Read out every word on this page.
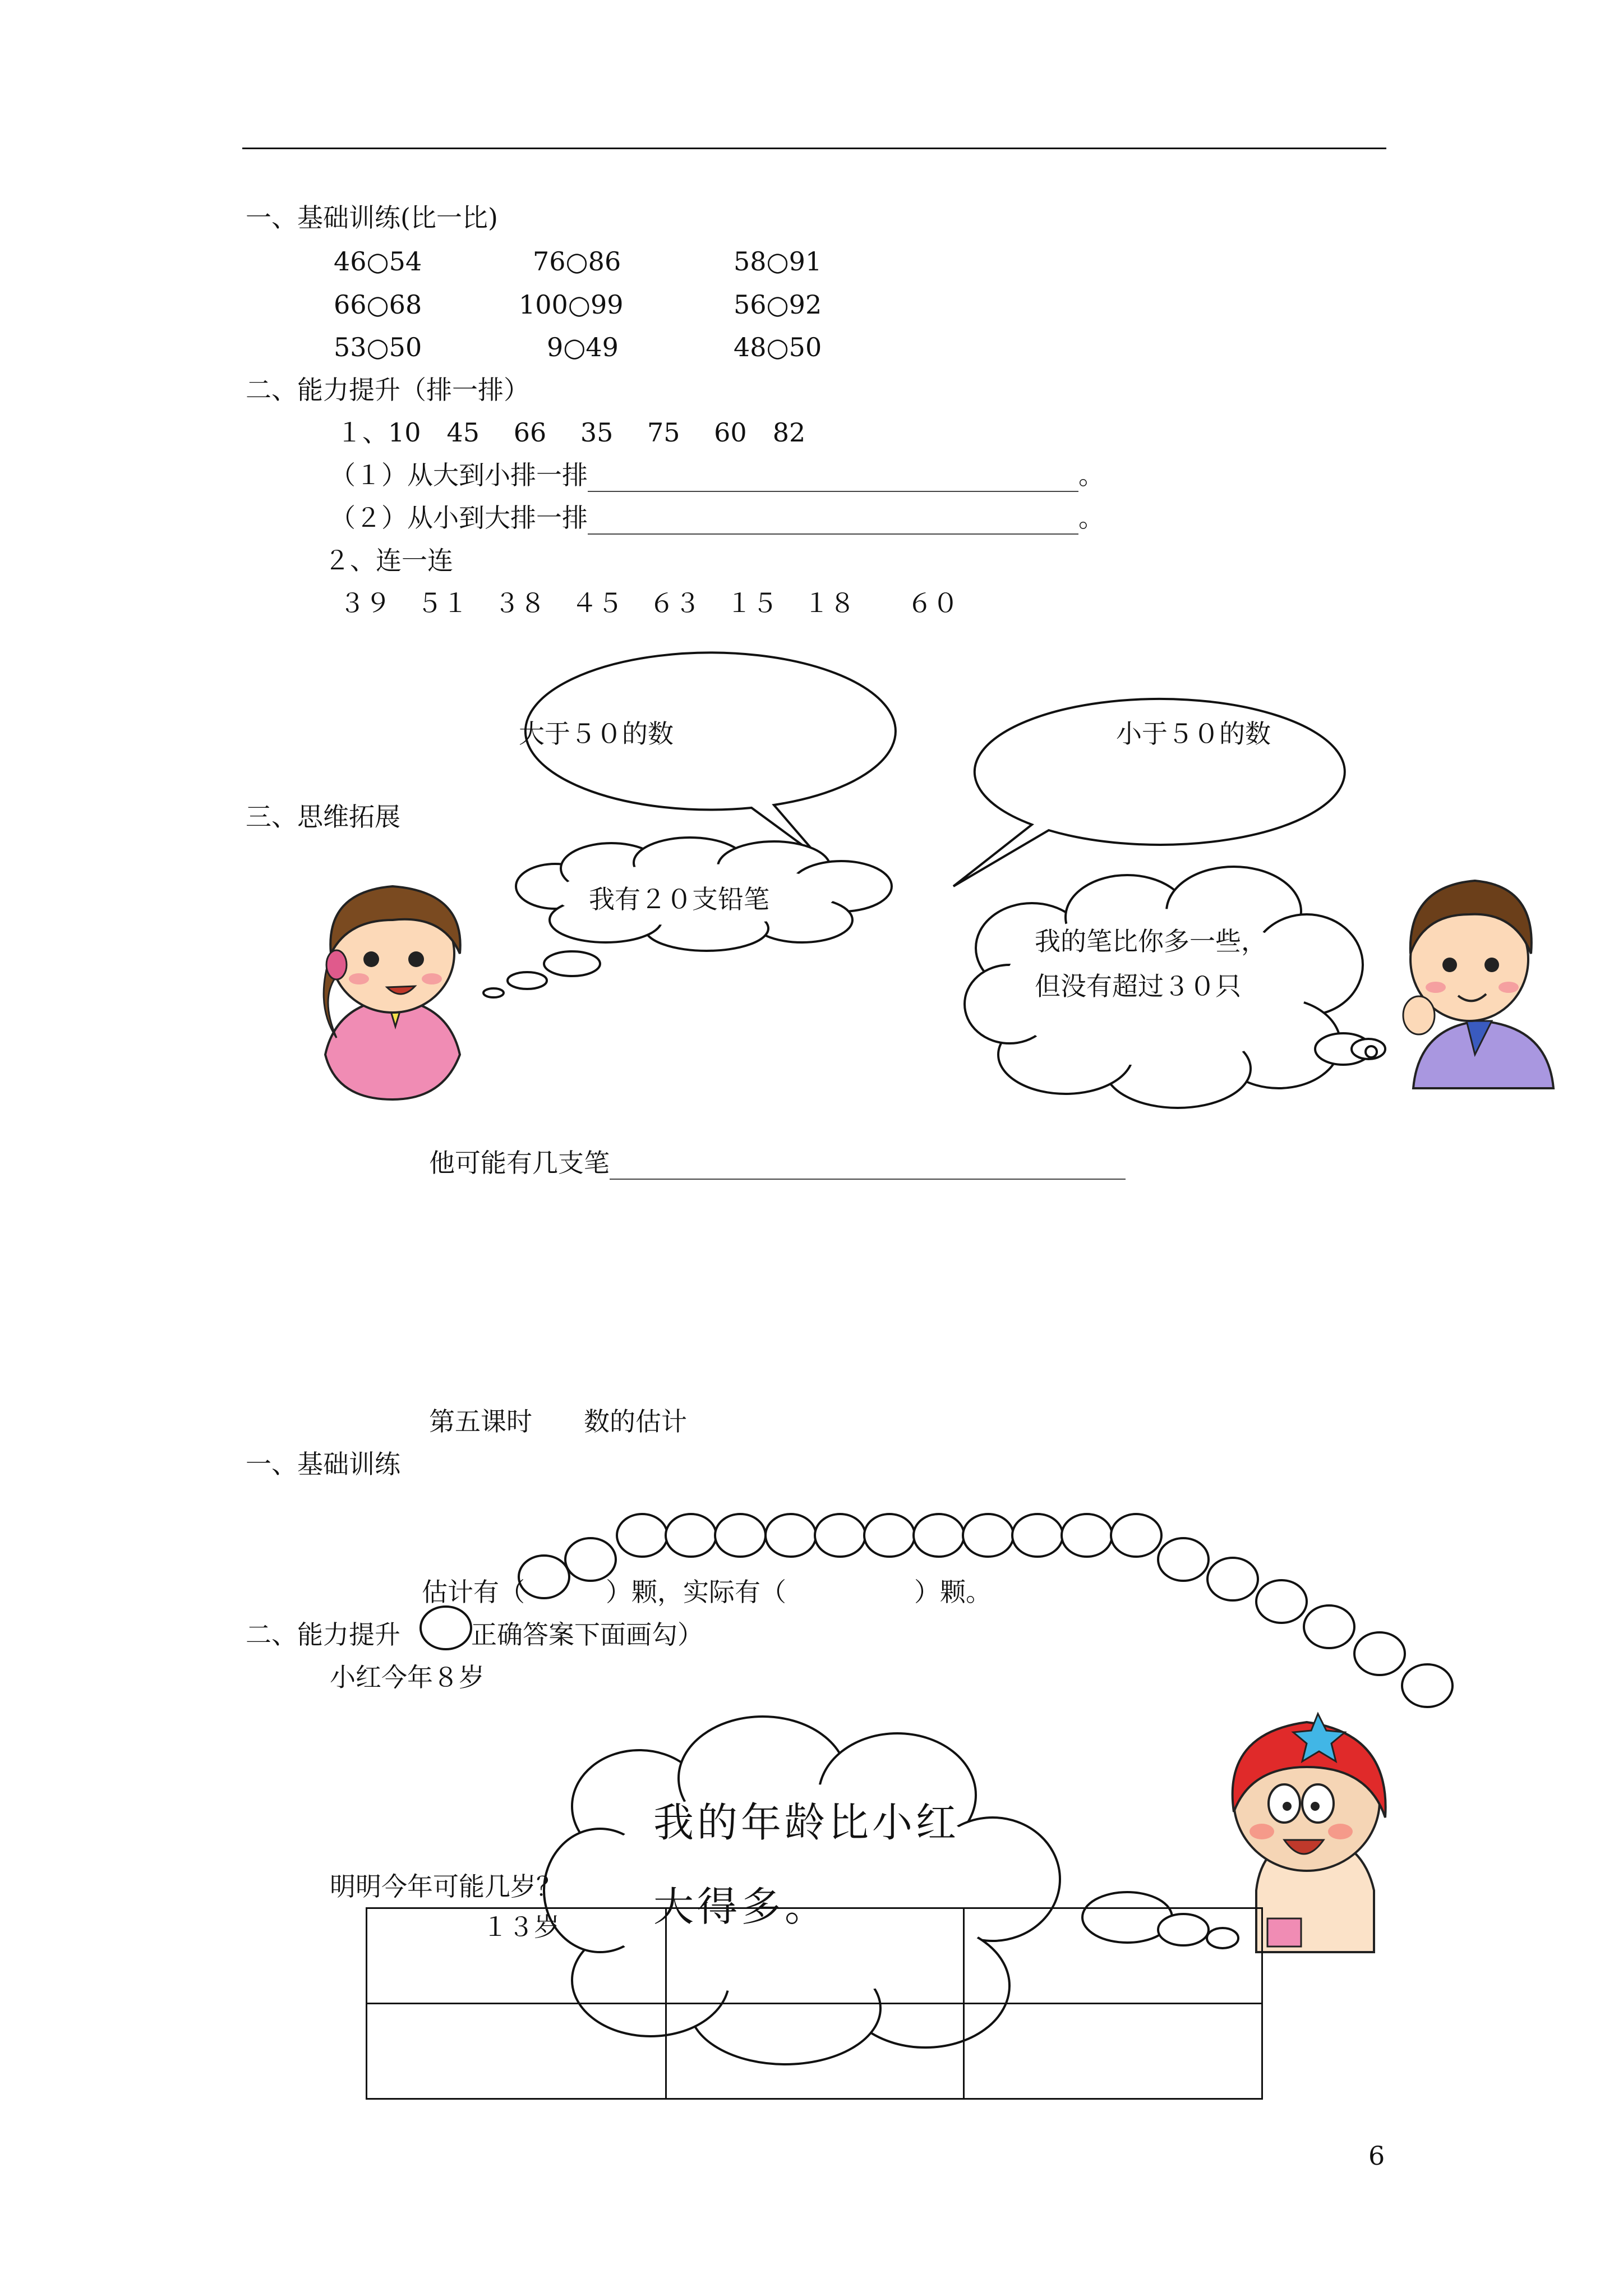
一、基础训练(比一比)
46○54	76○86	58○91
66○68	100○99	56○92
53○50	9○49	48○50
二、能力提升（排一排）
１、10　45　 66　 35　 75　 60　82
（１）从大到小排一排	。
（２）从小到大排一排	。
２、连一连
３９　５１　３８　４５　６３　１５　１８　　６０
三、思维拓展
大于５０的数	小于５０的数
我有２０支铅笔
我的笔比你多一些，
但没有超过３０只
他可能有几支笔
第五课时　　数的估计
一、基础训练
估计有（	）颗，实际有（	）颗。
二、能力提升	正确答案下面画勾）
小红今年８岁
我的年龄比小红
大得多。
明明今年可能几岁？
１３岁		

6
